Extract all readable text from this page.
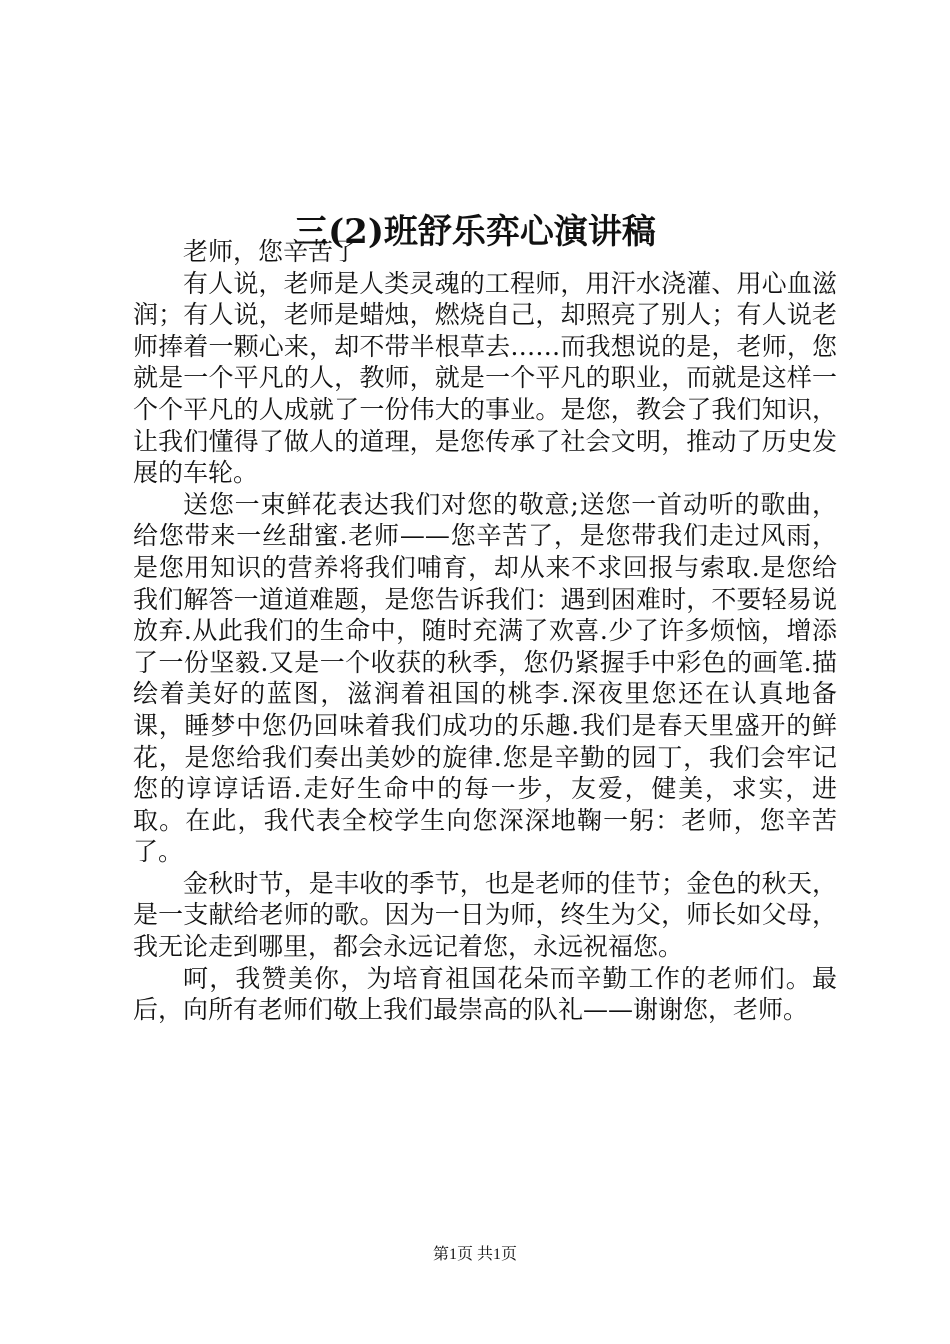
三(2)班舒乐弈心演讲稿

老师，您辛苦了

有人说，老师是人类灵魂的工程师，用汗水浇灌、用心血滋润；有人说，老师是蜡烛，燃烧自己，却照亮了别人；有人说老师捧着一颗心来，却不带半根草去……而我想说的是，老师，您就是一个平凡的人，教师，就是一个平凡的职业，而就是这样一个个平凡的人成就了一份伟大的事业。是您，教会了我们知识，让我们懂得了做人的道理，是您传承了社会文明，推动了历史发展的车轮。

送您一束鲜花表达我们对您的敬意;送您一首动听的歌曲，给您带来一丝甜蜜.老师——您辛苦了，是您带我们走过风雨，是您用知识的营养将我们哺育，却从来不求回报与索取.是您给我们解答一道道难题，是您告诉我们：遇到困难时，不要轻易说放弃.从此我们的生命中，随时充满了欢喜.少了许多烦恼，增添了一份坚毅.又是一个收获的秋季，您仍紧握手中彩色的画笔.描绘着美好的蓝图，滋润着祖国的桃李.深夜里您还在认真地备课，睡梦中您仍回味着我们成功的乐趣.我们是春天里盛开的鲜花，是您给我们奏出美妙的旋律.您是辛勤的园丁，我们会牢记您的谆谆话语.走好生命中的每一步，友爱，健美，求实，进取。在此，我代表全校学生向您深深地鞠一躬：老师，您辛苦了。

金秋时节，是丰收的季节，也是老师的佳节；金色的秋天，是一支献给老师的歌。因为一日为师，终生为父，师长如父母，我无论走到哪里，都会永远记着您，永远祝福您。

呵，我赞美你，为培育祖国花朵而辛勤工作的老师们。最后，向所有老师们敬上我们最崇高的队礼——谢谢您，老师。

第1页 共1页
